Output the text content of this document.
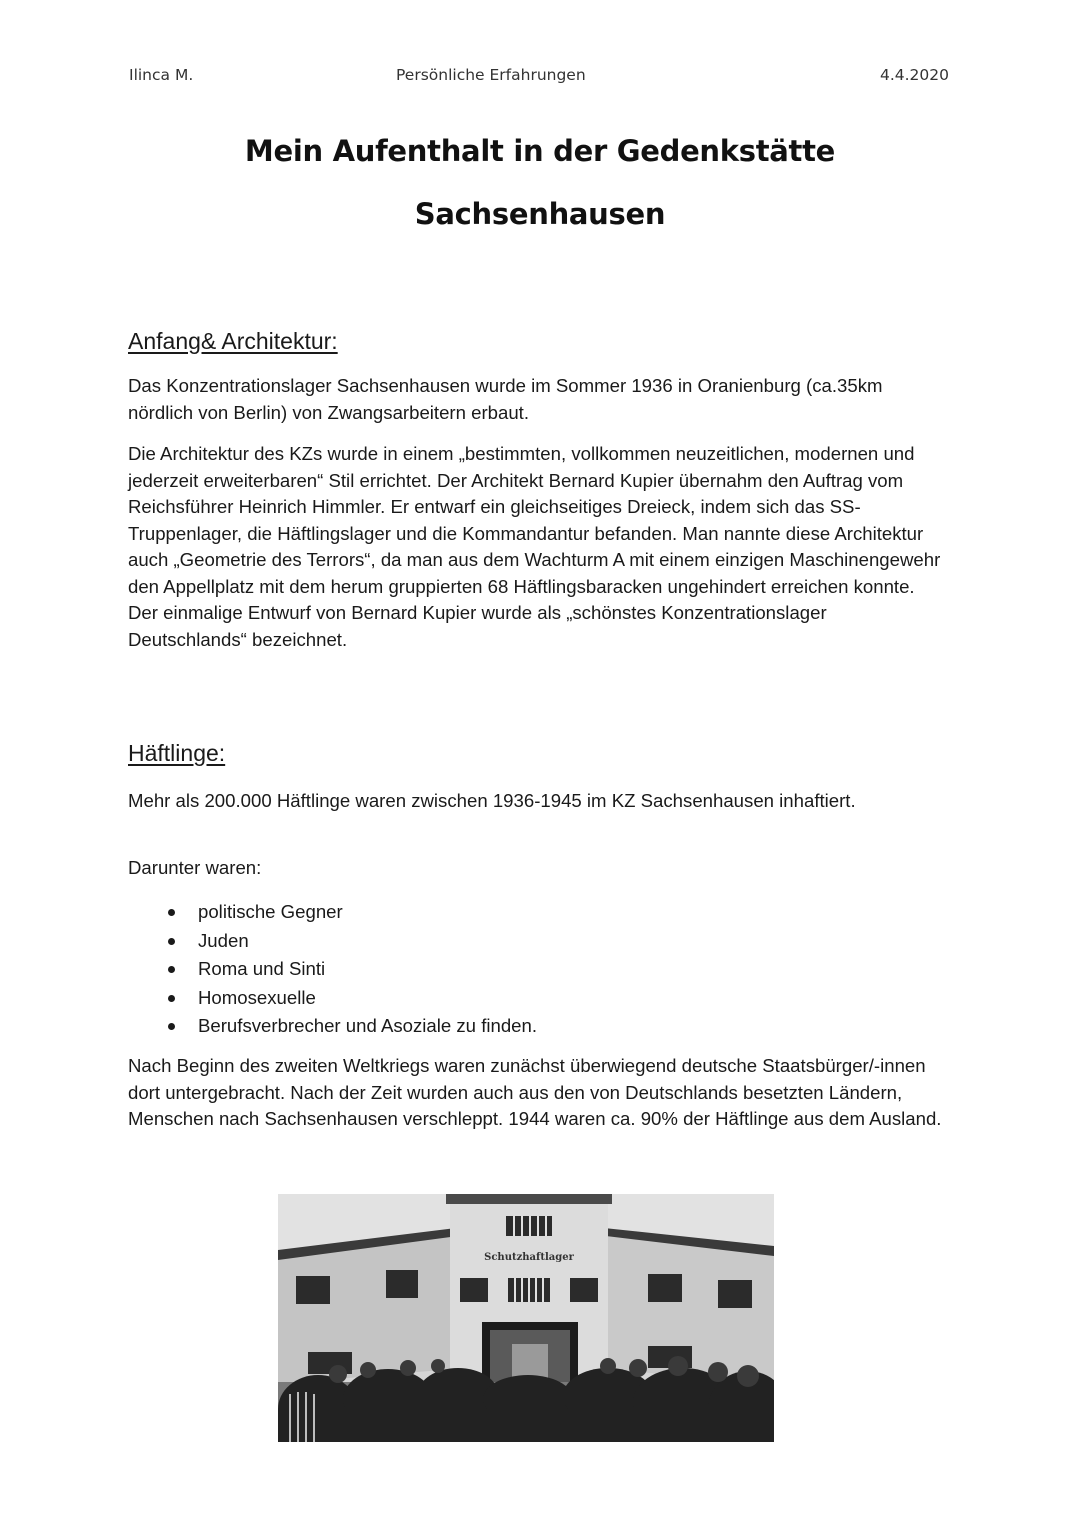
Ilinca M.	Persönliche Erfahrungen	4.4.2020
Mein Aufenthalt in der Gedenkstätte
Sachsenhausen
Anfang& Architektur:
Das Konzentrationslager Sachsenhausen wurde im Sommer 1936 in Oranienburg (ca.35km nördlich von Berlin) von Zwangsarbeitern erbaut.
Die Architektur des KZs wurde in einem „bestimmten, vollkommen neuzeitlichen, modernen und jederzeit erweiterbaren“ Stil errichtet. Der Architekt Bernard Kupier übernahm den Auftrag vom Reichsführer Heinrich Himmler. Er entwarf ein gleichseitiges Dreieck, indem sich das SS-Truppenlager, die Häftlingslager und die Kommandantur befanden. Man nannte diese Architektur auch „Geometrie des Terrors“, da man aus dem Wachturm A mit einem einzigen Maschinengewehr den Appellplatz mit dem herum gruppierten 68 Häftlingsbaracken ungehindert erreichen konnte. Der einmalige Entwurf von Bernard Kupier wurde als „schönstes Konzentrationslager Deutschlands“ bezeichnet.
Häftlinge:
Mehr als 200.000 Häftlinge waren zwischen 1936-1945 im KZ Sachsenhausen inhaftiert.
Darunter waren:
politische Gegner
Juden
Roma und Sinti
Homosexuelle
Berufsverbrecher und Asoziale zu finden.
Nach Beginn des zweiten Weltkriegs waren zunächst überwiegend deutsche Staatsbürger/-innen dort untergebracht. Nach der Zeit wurden auch aus den von Deutschlands besetzten Ländern, Menschen nach Sachsenhausen verschleppt. 1944 waren ca. 90% der Häftlinge aus dem Ausland.
Schutzhaftlager
